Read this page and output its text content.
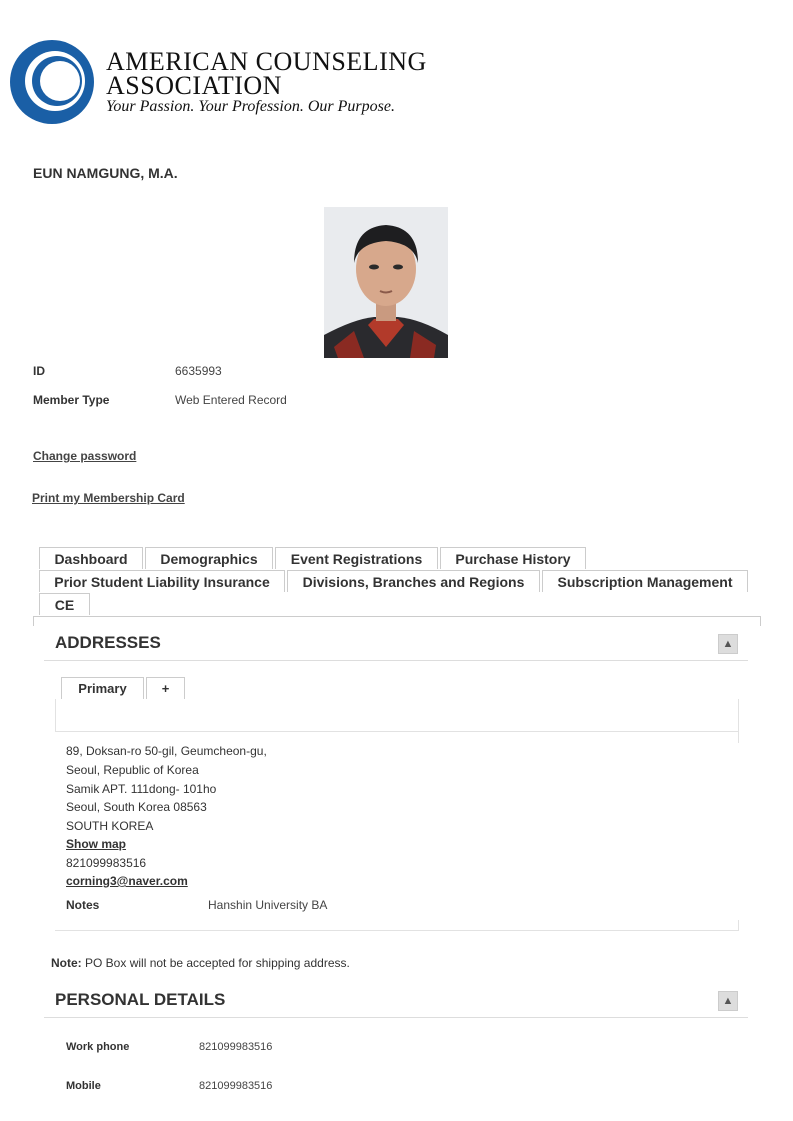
AMERICAN COUNSELING
ASSOCIATION
Your Passion. Your Profession. Our Purpose.
EUN NAMGUNG, M.A.
ID	6635993
Member Type	Web Entered Record
Change password
Print my Membership Card
Dashboard	Demographics	Event Registrations	Purchase History
Prior Student Liability Insurance	Divisions, Branches and Regions	Subscription Management
CE
ADDRESSES	▲
Primary	+
89, Doksan-ro 50-gil, Geumcheon-gu,
Seoul, Republic of Korea
Samik APT. 111dong- 101ho
Seoul, South Korea 08563
SOUTH KOREA
Show map
821099983516
corning3@naver.com
Notes	Hanshin University BA
Note: PO Box will not be accepted for shipping address.
PERSONAL DETAILS	▲
Work phone	821099983516
Mobile	821099983516
